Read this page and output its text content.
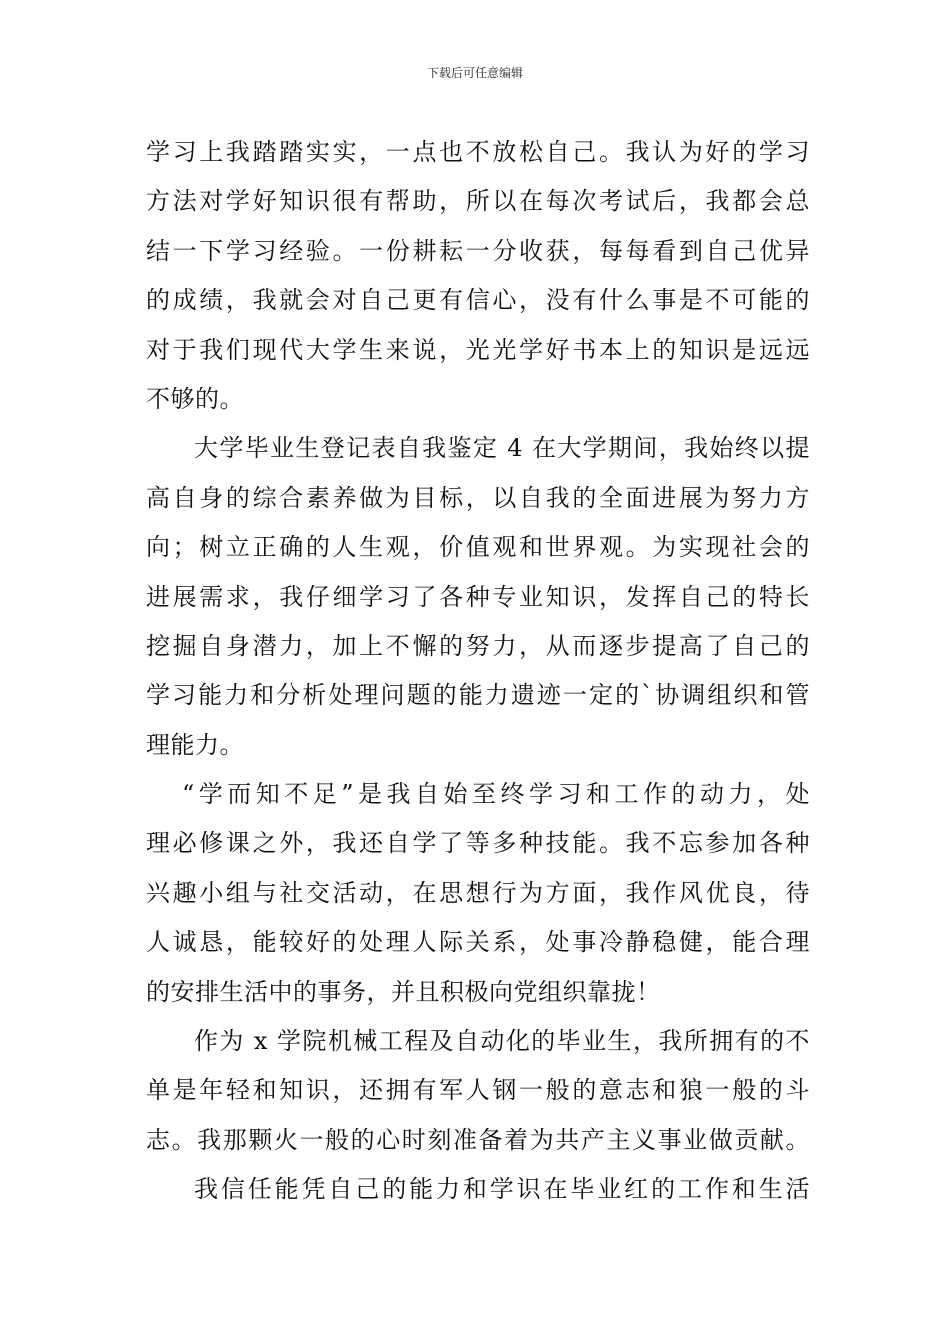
下载后可任意编辑
学习上我踏踏实实，一点也不放松自己。我认为好的学习
方法对学好知识很有帮助，所以在每次考试后，我都会总
结一下学习经验。一份耕耘一分收获，每每看到自己优异
的成绩，我就会对自己更有信心，没有什么事是不可能的
对于我们现代大学生来说，光光学好书本上的知识是远远
不够的。
大学毕业生登记表自我鉴定 4 在大学期间，我始终以提
高自身的综合素养做为目标，以自我的全面进展为努力方
向；树立正确的人生观，价值观和世界观。为实现社会的
进展需求，我仔细学习了各种专业知识，发挥自己的特长
挖掘自身潜力，加上不懈的努力，从而逐步提高了自己的
学习能力和分析处理问题的能力遗迹一定的`协调组织和管
理能力。
“学而知不足”是我自始至终学习和工作的动力，处
理必修课之外，我还自学了等多种技能。我不忘参加各种
兴趣小组与社交活动，在思想行为方面，我作风优良，待
人诚恳，能较好的处理人际关系，处事冷静稳健，能合理
的安排生活中的事务，并且积极向党组织靠拢！
作为 x 学院机械工程及自动化的毕业生，我所拥有的不
单是年轻和知识，还拥有军人钢一般的意志和狼一般的斗
志。我那颗火一般的心时刻准备着为共产主义事业做贡献。
我信任能凭自己的能力和学识在毕业红的工作和生活
